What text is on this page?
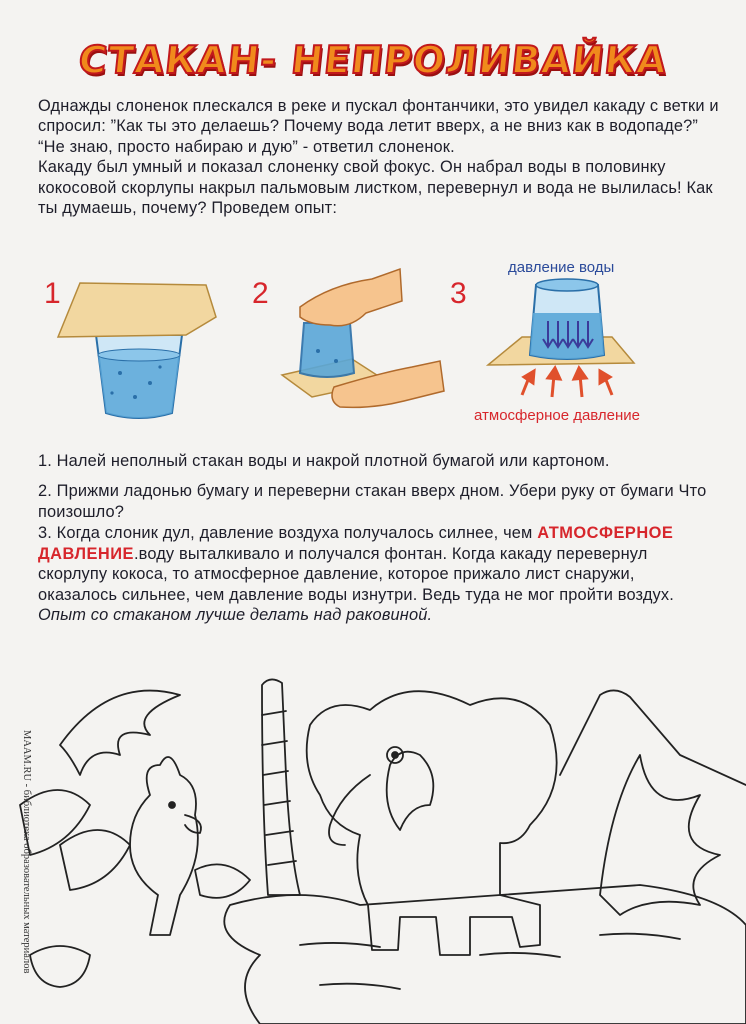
СТАКАН- НЕПРОЛИВАЙКА

Однажды слоненок плескался в реке и пускал фонтанчики, это увидел какаду с ветки и спросил: ”Как ты это делаешь? Почему вода летит вверх, а не вниз как в водопаде?”

“Не знаю, просто набираю и дую” - ответил слоненок.

Какаду был умный и показал слоненку свой фокус. Он набрал воды в половинку кокосовой скорлупы накрыл пальмовым листком, перевернул и вода не вылилась! Как ты думаешь, почему? Проведем опыт:

1	2	3
давление воды
атмосферное давление

1. Налей неполный стакан воды и накрой плотной бумагой или картоном.

2. Прижми ладонью бумагу и переверни стакан вверх дном. Убери руку от бумаги Что поизошло?

3. Когда слоник дул, давление воздуха получалось силнее, чем АТМОСФЕРНОЕ ДАВЛЕНИЕ.воду выталкивало и получался фонтан. Когда какаду перевернул скорлупу кокоса, то атмосферное давление, которое прижало лист снаружи, оказалось сильнее, чем давление воды изнутри. Ведь туда не мог пройти воздух.

Опыт со стаканом лучше делать над раковиной.

MAAM.RU - библиотека образовательных материалов
